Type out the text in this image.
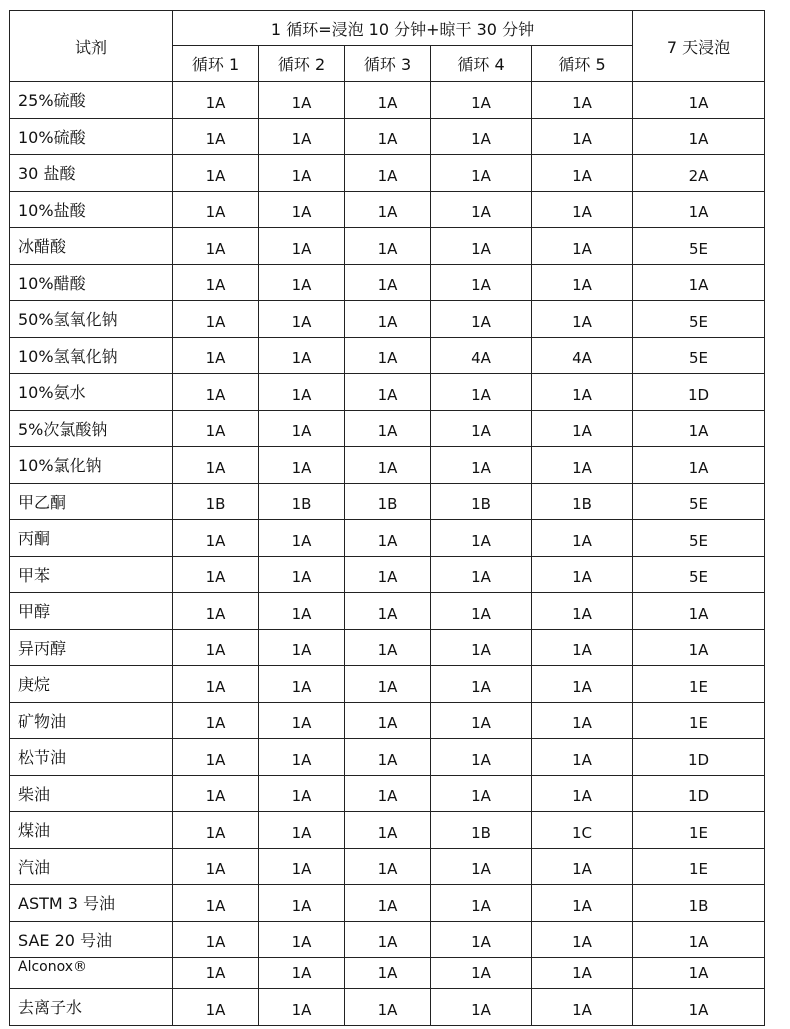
试剂	1 循环=浸泡 10 分钟+晾干 30 分钟					7 天浸泡
	循环 1	循环 2	循环 3	循环 4	循环 5	
25%硫酸	1A	1A	1A	1A	1A	1A
10%硫酸	1A	1A	1A	1A	1A	1A
30 盐酸	1A	1A	1A	1A	1A	2A
10%盐酸	1A	1A	1A	1A	1A	1A
冰醋酸	1A	1A	1A	1A	1A	5E
10%醋酸	1A	1A	1A	1A	1A	1A
50%氢氧化钠	1A	1A	1A	1A	1A	5E
10%氢氧化钠	1A	1A	1A	4A	4A	5E
10%氨水	1A	1A	1A	1A	1A	1D
5%次氯酸钠	1A	1A	1A	1A	1A	1A
10%氯化钠	1A	1A	1A	1A	1A	1A
甲乙酮	1B	1B	1B	1B	1B	5E
丙酮	1A	1A	1A	1A	1A	5E
甲苯	1A	1A	1A	1A	1A	5E
甲醇	1A	1A	1A	1A	1A	1A
异丙醇	1A	1A	1A	1A	1A	1A
庚烷	1A	1A	1A	1A	1A	1E
矿物油	1A	1A	1A	1A	1A	1E
松节油	1A	1A	1A	1A	1A	1D
柴油	1A	1A	1A	1A	1A	1D
煤油	1A	1A	1A	1B	1C	1E
汽油	1A	1A	1A	1A	1A	1E
ASTM 3 号油	1A	1A	1A	1A	1A	1B
SAE 20 号油	1A	1A	1A	1A	1A	1A
Alconox®	1A	1A	1A	1A	1A	1A
去离子水	1A	1A	1A	1A	1A	1A
